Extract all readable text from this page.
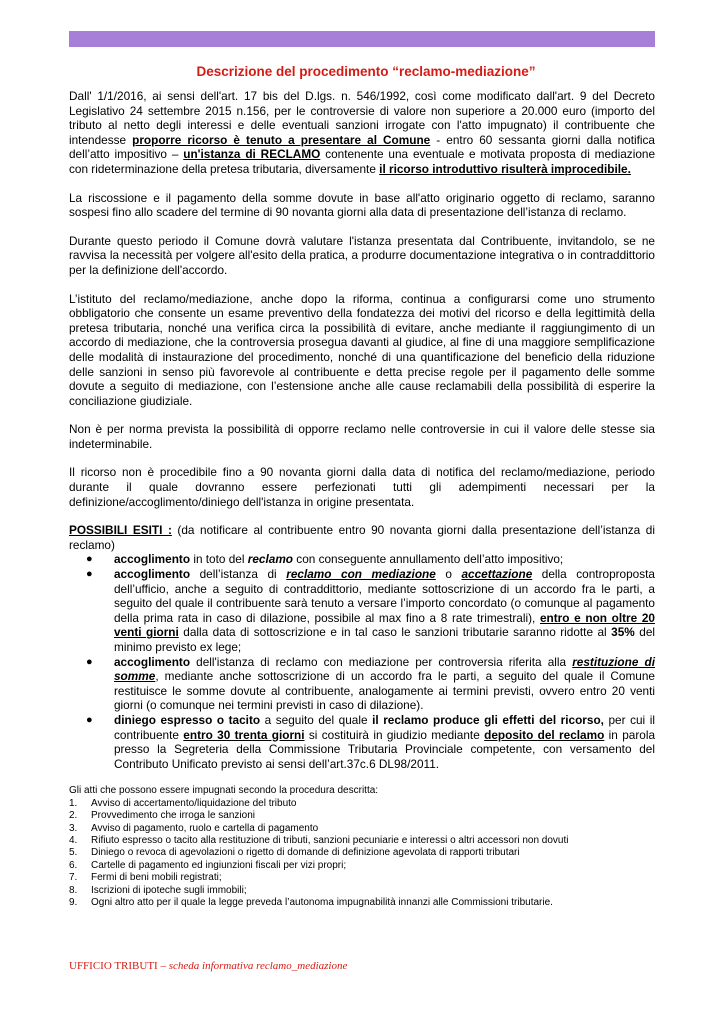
Descrizione del procedimento “reclamo-mediazione”

Dall' 1/1/2016, ai sensi dell'art. 17 bis del D.lgs. n. 546/1992, così come modificato dall'art. 9 del Decreto Legislativo 24 settembre 2015 n.156, per le controversie di valore non superiore a 20.000 euro (importo del tributo al netto degli interessi e delle eventuali sanzioni irrogate con l'atto impugnato) il contribuente che intendesse proporre ricorso è tenuto a presentare al Comune - entro 60 sessanta giorni dalla notifica dell’atto impositivo – un'istanza di RECLAMO contenente una eventuale e motivata proposta di mediazione con rideterminazione della pretesa tributaria, diversamente il ricorso introduttivo risulterà improcedibile.

La riscossione e il pagamento della somme dovute in base all'atto originario oggetto di reclamo, saranno sospesi fino allo scadere del termine di 90 novanta giorni alla data di presentazione dell’istanza di reclamo.

Durante questo periodo il Comune dovrà valutare l'istanza presentata dal Contribuente, invitandolo, se ne ravvisa la necessità per volgere all'esito della pratica, a produrre documentazione integrativa o in contraddittorio per la definizione dell'accordo.

L’istituto del reclamo/mediazione, anche dopo la riforma, continua a configurarsi come uno strumento obbligatorio che consente un esame preventivo della fondatezza dei motivi del ricorso e della legittimità della pretesa tributaria, nonché una verifica circa la possibilità di evitare, anche mediante il raggiungimento di un accordo di mediazione, che la controversia prosegua davanti al giudice, al fine di una maggiore semplificazione delle modalità di instaurazione del procedimento, nonché di una quantificazione del beneficio della riduzione delle sanzioni in senso più favorevole al contribuente e detta precise regole per il pagamento delle somme dovute a seguito di mediazione, con l’estensione anche alle cause reclamabili della possibilità di esperire la conciliazione giudiziale.

Non è per norma prevista la possibilità di opporre reclamo nelle controversie in cui il valore delle stesse sia indeterminabile.

Il ricorso non è procedibile fino a 90 novanta giorni dalla data di notifica del reclamo/mediazione, periodo durante il quale dovranno essere perfezionati tutti gli adempimenti necessari per la definizione/accoglimento/diniego dell'istanza in origine presentata.

POSSIBILI ESITI : (da notificare al contribuente entro 90 novanta giorni dalla presentazione dell’istanza di reclamo)

● accoglimento in toto del reclamo con conseguente annullamento dell’atto impositivo;
● accoglimento dell’istanza di reclamo con mediazione o accettazione della controproposta dell’ufficio, anche a seguito di contraddittorio, mediante sottoscrizione di un accordo fra le parti, a seguito del quale il contribuente sarà tenuto a versare l’importo concordato (o comunque al pagamento della prima rata in caso di dilazione, possibile al max fino a 8 rate trimestrali), entro e non oltre 20 venti giorni dalla data di sottoscrizione e in tal caso le sanzioni tributarie saranno ridotte al 35% del minimo previsto ex lege;
● accoglimento dell'istanza di reclamo con mediazione per controversia riferita alla restituzione di somme, mediante anche sottoscrizione di un accordo fra le parti, a seguito del quale il Comune restituisce le somme dovute al contribuente, analogamente ai termini previsti, ovvero entro 20 venti giorni (o comunque nei termini previsti in caso di dilazione).
● diniego espresso o tacito a seguito del quale il reclamo produce gli effetti del ricorso, per cui il contribuente entro 30 trenta giorni si costituirà in giudizio mediante deposito del reclamo in parola presso la Segreteria della Commissione Tributaria Provinciale competente, con versamento del Contributo Unificato previsto ai sensi dell’art.37c.6 DL98/2011.

Gli atti che possono essere impugnati secondo la procedura descritta:

1. Avviso di accertamento/liquidazione del tributo
2. Provvedimento che irroga le sanzioni
3. Avviso di pagamento, ruolo e cartella di pagamento
4. Rifiuto espresso o tacito alla restituzione di tributi, sanzioni pecuniarie e interessi o altri accessori non dovuti
5. Diniego o revoca di agevolazioni o rigetto di domande di definizione agevolata di rapporti tributari
6. Cartelle di pagamento ed ingiunzioni fiscali per vizi propri;
7. Fermi di beni mobili registrati;
8. Iscrizioni di ipoteche sugli immobili;
9. Ogni altro atto per il quale la legge preveda l’autonoma impugnabilità innanzi alle Commissioni tributarie.
UFFICIO TRIBUTI – scheda informativa reclamo_mediazione
